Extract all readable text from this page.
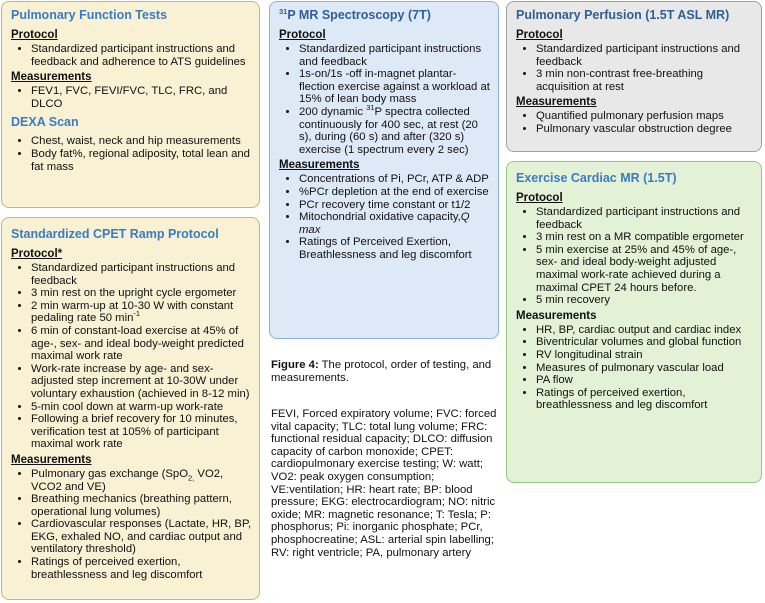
Pulmonary Function Tests
Protocol
• Standardized participant instructions and feedback and adherence to ATS guidelines
Measurements
• FEV1, FVC, FEVI/FVC, TLC, FRC, and DLCO
DEXA Scan
• Chest, waist, neck and hip measurements
• Body fat%, regional adiposity, total lean and fat mass
Standardized CPET Ramp Protocol
Protocol*
• Standardized participant instructions and feedback
• 3 min rest on the upright cycle ergometer
• 2 min warm-up at 10-30 W with constant pedaling rate 50 $\min^{-1}$
• 6 min of constant-load exercise at 45% of age-, sex- and ideal body-weight predicted maximal work rate
• Work-rate increase by age- and sex-adjusted step increment at 10-30W under voluntary exhaustion (achieved in 8-12 min)
• 5-min cool down at warm-up work-rate
• Following a brief recovery for 10 minutes, verification test at 105% of participant maximal work rate
Measurements
• Pulmonary gas exchange (SpO$_{2,}$ VO2, VCO2 and VE)
• Breathing mechanics (breathing pattern, operational lung volumes)
• Cardiovascular responses (Lactate, HR, BP, EKG, exhaled NO, and cardiac output and ventilatory threshold)
• Ratings of perceived exertion, breathlessness and leg discomfort
$^{31}$P MR Spectroscopy (7T)
Protocol
• Standardized participant instructions and feedback
• 1s-on/1s -off in-magnet plantar-flection exercise against a workload at 15% of lean body mass
• 200 dynamic $^{31}$P spectra collected continuously for 400 sec, at rest (20 s), during (60 s) and after (320 s) exercise (1 spectrum every 2 sec)
Measurements
• Concentrations of Pi, PCr, ATP & ADP
• %PCr depletion at the end of exercise
• PCr recovery time constant or t1/2
• Mitochondrial oxidative capacity,Q max
• Ratings of Perceived Exertion, Breathlessness and leg discomfort
Figure 4: The protocol, order of testing, and measurements.
FEVI, Forced expiratory volume; FVC: forced vital capacity; TLC: total lung volume; FRC: functional residual capacity; DLCO: diffusion capacity of carbon monoxide; CPET: cardiopulmonary exercise testing; W: watt; VO2: peak oxygen consumption; VE:ventilation; HR: heart rate; BP: blood pressure; EKG: electrocardiogram; NO: nitric oxide; MR: magnetic resonance; T: Tesla; P: phosphorus; Pi: inorganic phosphate; PCr, phosphocreatine; ASL: arterial spin labelling; RV: right ventricle; PA, pulmonary artery
Pulmonary Perfusion (1.5T ASL MR)
Protocol
• Standardized participant instructions and feedback
• 3 min non-contrast free-breathing acquisition at rest
Measurements
• Quantified pulmonary perfusion maps
• Pulmonary vascular obstruction degree
Exercise Cardiac MR (1.5T)
Protocol
• Standardized participant instructions and feedback
• 3 min rest on a MR compatible ergometer
• 5 min exercise at 25% and 45% of age-, sex- and ideal body-weight adjusted maximal work-rate achieved during a maximal CPET 24 hours before.
• 5 min recovery
Measurements
• HR, BP, cardiac output and cardiac index
• Biventricular volumes and global function
• RV longitudinal strain
• Measures of pulmonary vascular load
• PA flow
• Ratings of perceived exertion, breathlessness and leg discomfort
